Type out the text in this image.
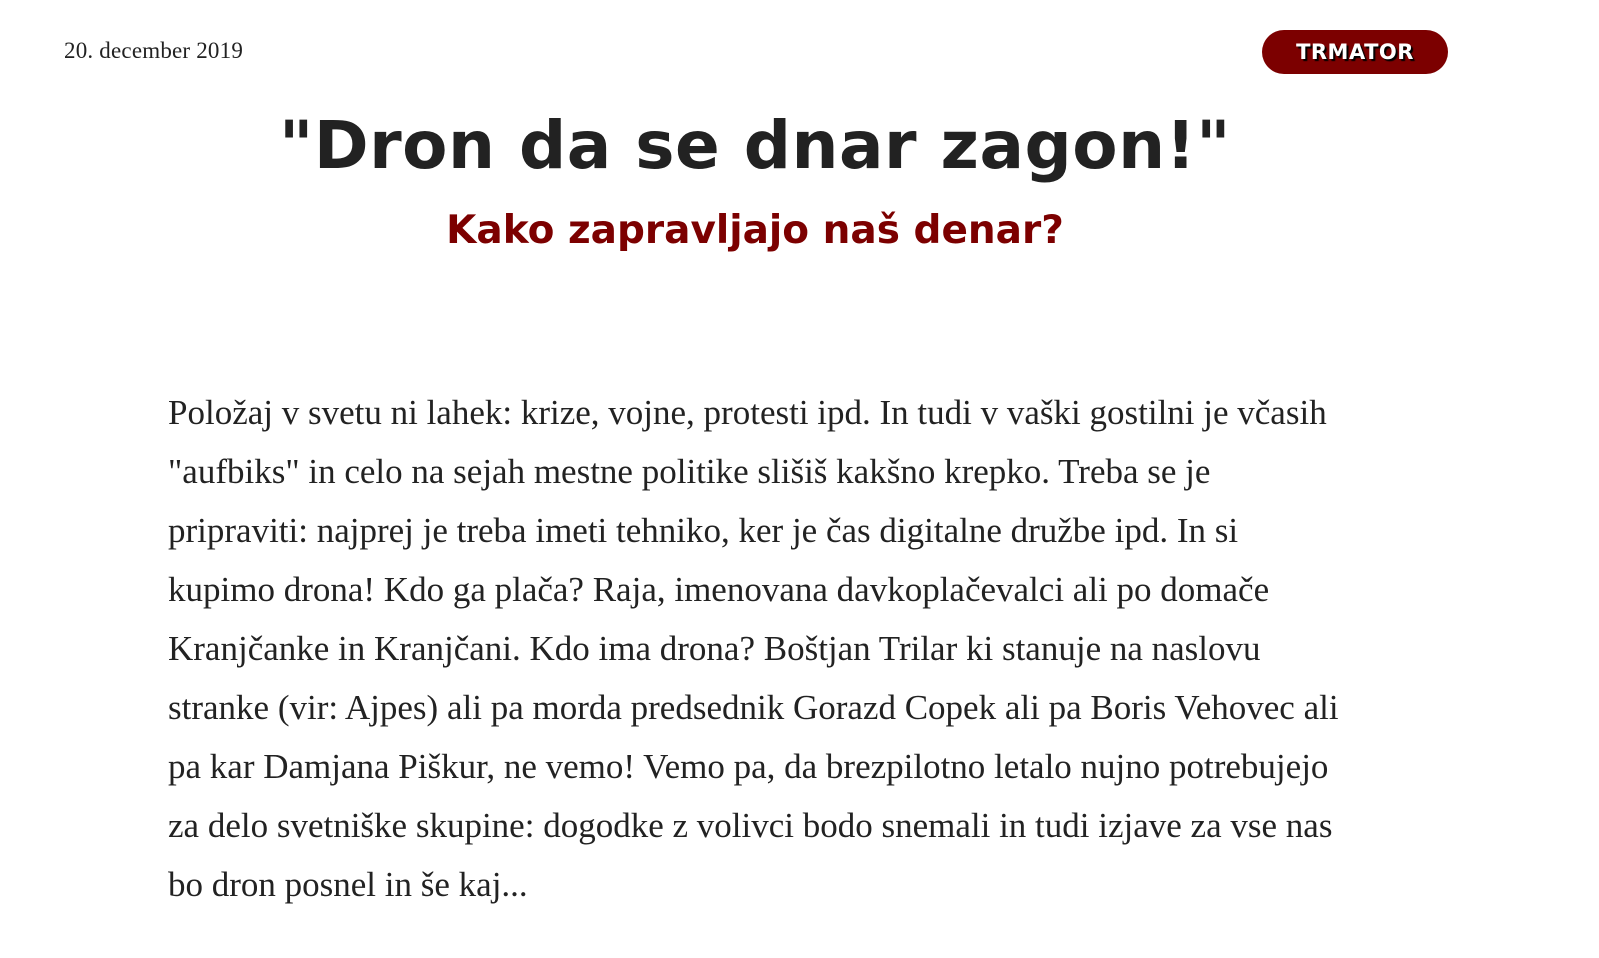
20. december 2019	TRMATOR
"Dron da se dnar zagon!"
Kako zapravljajo naš denar?

Položaj v svetu ni lahek: krize, vojne, protesti ipd. In tudi v vaški gostilni je včasih "aufbiks" in celo na sejah mestne politike slišiš kakšno krepko. Treba se je pripraviti: najprej je treba imeti tehniko, ker je čas digitalne družbe ipd. In si kupimo drona! Kdo ga plača? Raja, imenovana davkoplačevalci ali po domače Kranjčanke in Kranjčani. Kdo ima drona? Boštjan Trilar ki stanuje na naslovu stranke (vir: Ajpes) ali pa morda predsednik Gorazd Copek ali pa Boris Vehovec ali pa kar Damjana Piškur, ne vemo! Vemo pa, da brezpilotno letalo nujno potrebujejo za delo svetniške skupine: dogodke z volivci bodo snemali in tudi izjave za vse nas bo dron posnel in še kaj...
